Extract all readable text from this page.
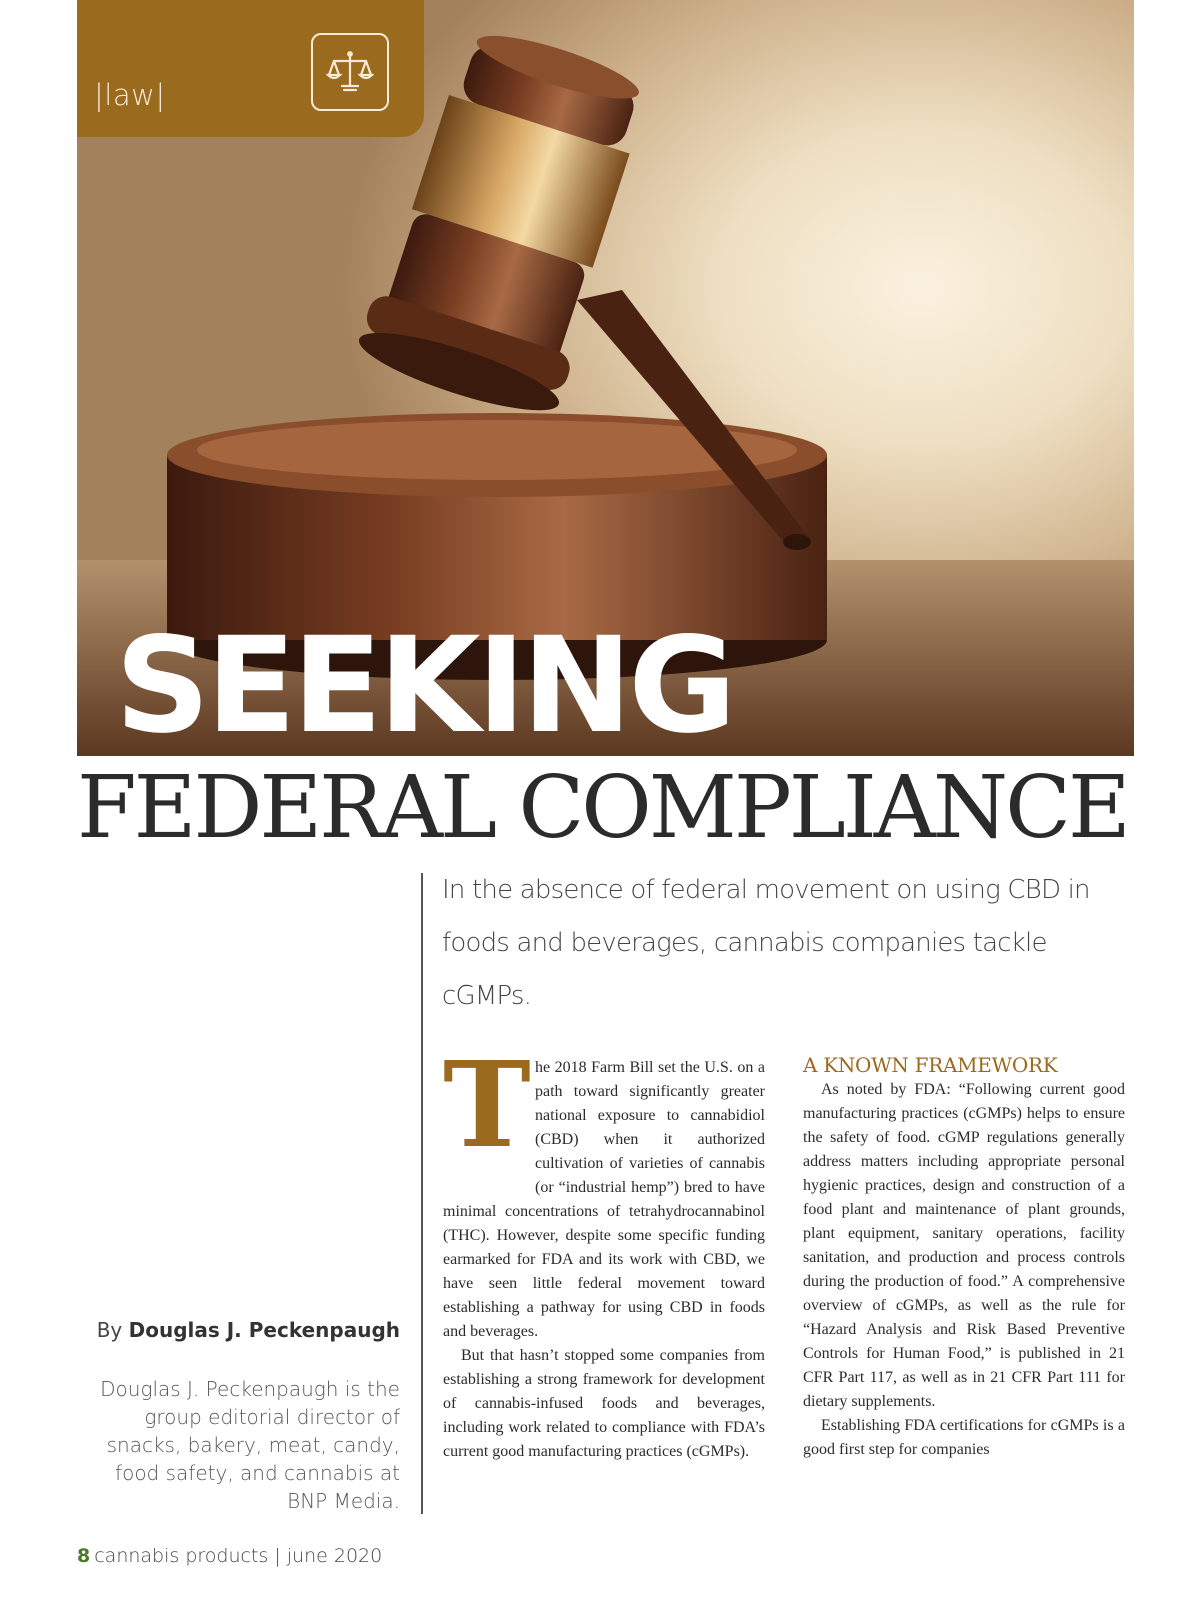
|law|
SEEKING
FEDERAL COMPLIANCE
In the absence of federal movement on using CBD in foods and beverages, cannabis companies tackle cGMPs.
By Douglas J. Peckenpaugh
Douglas J. Peckenpaugh is the group editorial director of snacks, bakery, meat, candy, food safety, and cannabis at BNP Media.

The 2018 Farm Bill set the U.S. on a path toward significantly greater national exposure to cannabidiol (CBD) when it authorized cultivation of varieties of cannabis (or “industrial hemp”) bred to have minimal concentrations of tetrahydrocannabinol (THC). However, despite some specific funding earmarked for FDA and its work with CBD, we have seen little federal movement toward establishing a pathway for using CBD in foods and beverages.

But that hasn’t stopped some companies from establishing a strong framework for development of cannabis-infused foods and beverages, including work related to compliance with FDA’s current good manufacturing practices (cGMPs).

A KNOWN FRAMEWORK

As noted by FDA: “Following current good manufacturing practices (cGMPs) helps to ensure the safety of food. cGMP regulations generally address matters including appropriate personal hygienic practices, design and construction of a food plant and maintenance of plant grounds, plant equipment, sanitary operations, facility sanitation, and production and process controls during the production of food.” A comprehensive overview of cGMPs, as well as the rule for “Hazard Analysis and Risk Based Preventive Controls for Human Food,” is published in 21 CFR Part 117, as well as in 21 CFR Part 111 for dietary supplements.

Establishing FDA certifications for cGMPs is a good first step for companies

8 cannabis products | june 2020
